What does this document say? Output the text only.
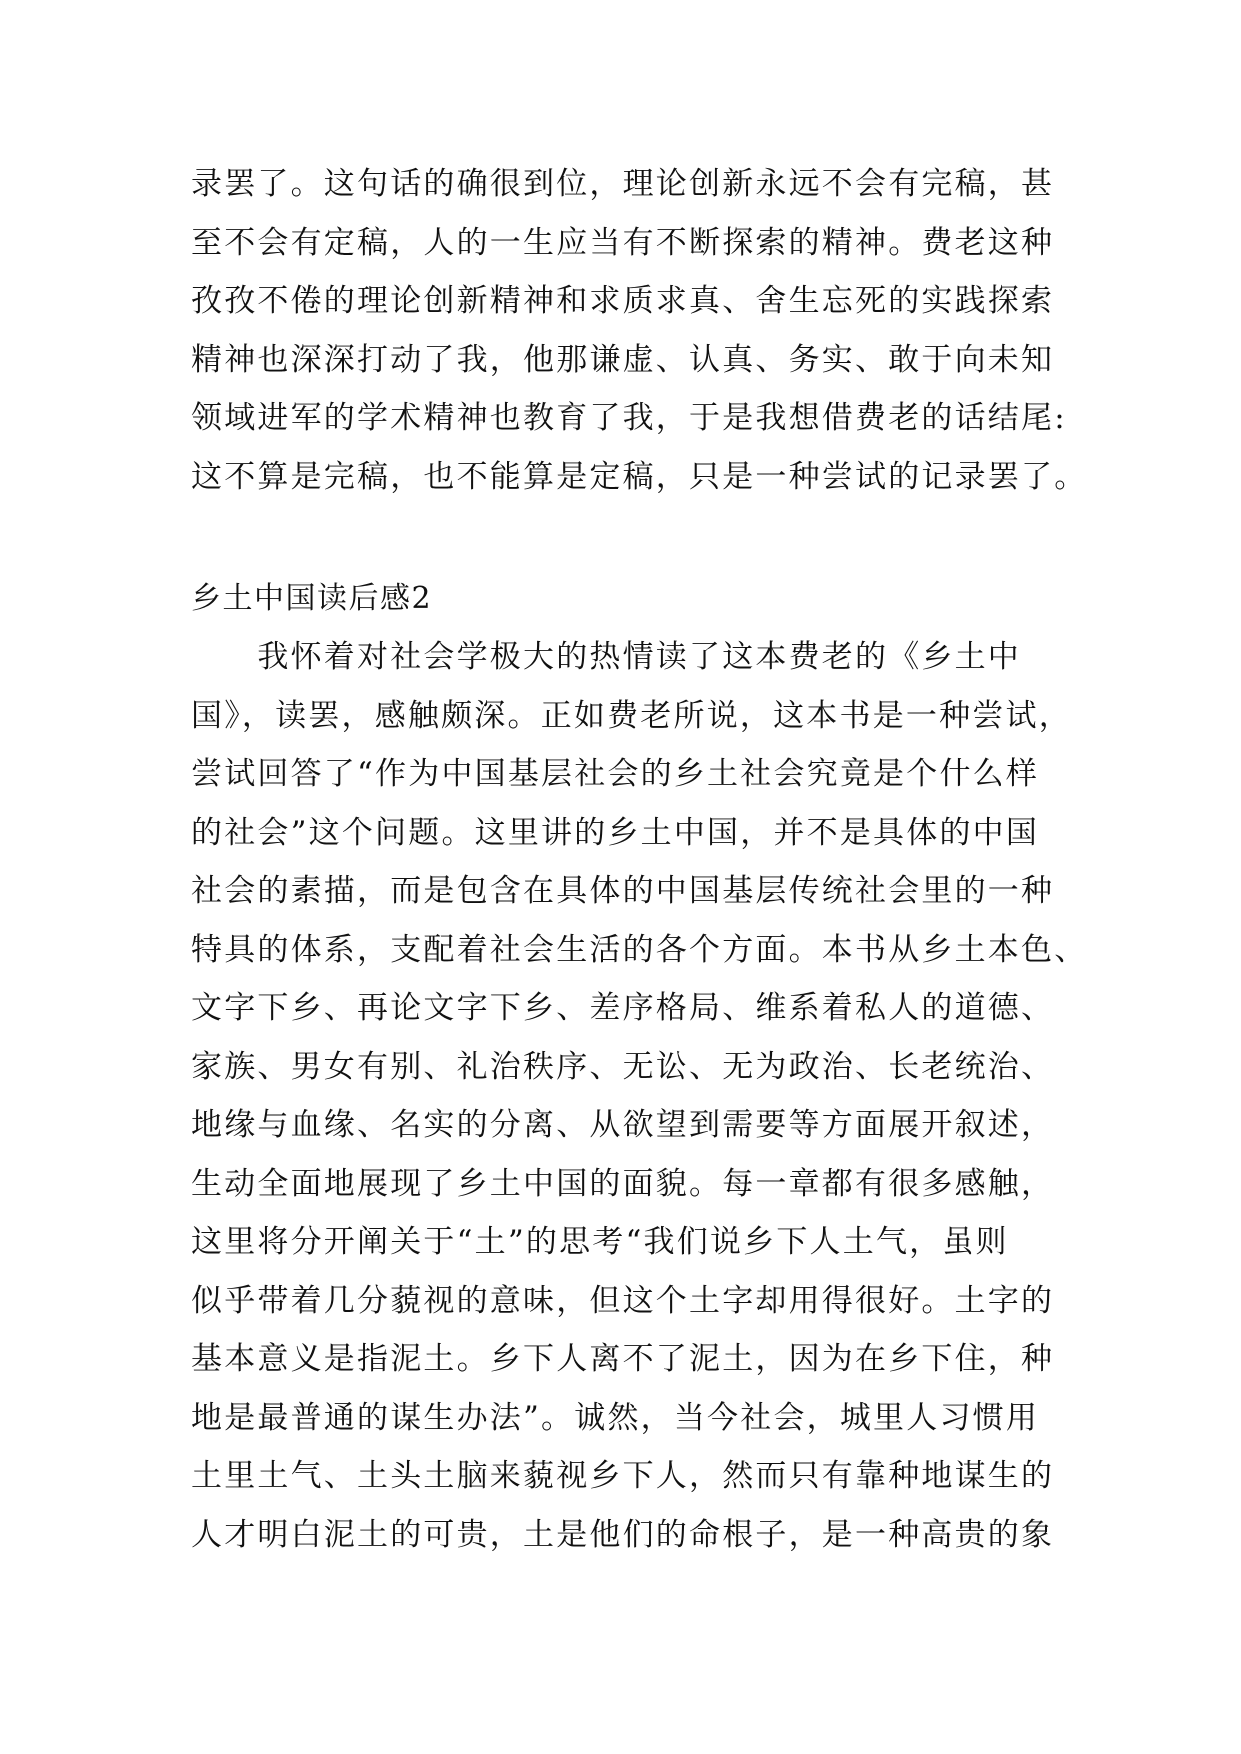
录罢了。这句话的确很到位，理论创新永远不会有完稿，甚
至不会有定稿，人的一生应当有不断探索的精神。费老这种
孜孜不倦的理论创新精神和求质求真、舍生忘死的实践探索
精神也深深打动了我，他那谦虚、认真、务实、敢于向未知
领域进军的学术精神也教育了我，于是我想借费老的话结尾:
这不算是完稿，也不能算是定稿，只是一种尝试的记录罢了。
乡土中国读后感2
　　我怀着对社会学极大的热情读了这本费老的《乡土中
国》，读罢，感触颇深。正如费老所说，这本书是一种尝试，
尝试回答了“作为中国基层社会的乡土社会究竟是个什么样
的社会”这个问题。这里讲的乡土中国，并不是具体的中国
社会的素描，而是包含在具体的中国基层传统社会里的一种
特具的体系，支配着社会生活的各个方面。本书从乡土本色、
文字下乡、再论文字下乡、差序格局、维系着私人的道德、
家族、男女有别、礼治秩序、无讼、无为政治、长老统治、
地缘与血缘、名实的分离、从欲望到需要等方面展开叙述，
生动全面地展现了乡土中国的面貌。每一章都有很多感触，
这里将分开阐关于“土”的思考“我们说乡下人土气，虽则
似乎带着几分藐视的意味，但这个土字却用得很好。土字的
基本意义是指泥土。乡下人离不了泥土，因为在乡下住，种
地是最普通的谋生办法”。诚然，当今社会，城里人习惯用
土里土气、土头土脑来藐视乡下人，然而只有靠种地谋生的
人才明白泥土的可贵，土是他们的命根子，是一种高贵的象
